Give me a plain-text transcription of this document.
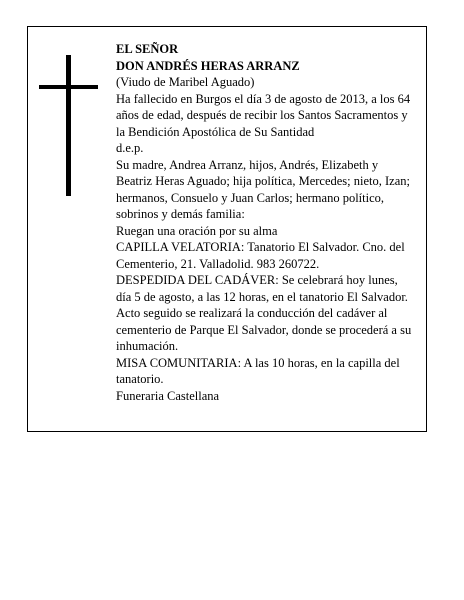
EL SEÑOR

DON ANDRÉS HERAS ARRANZ

(Viudo de Maribel Aguado)

Ha fallecido en Burgos el día 3 de agosto de 2013, a los 64 años de edad, después de recibir los Santos Sacramentos y la Bendición Apostólica de Su Santidad

d.e.p.

Su madre, Andrea Arranz, hijos, Andrés, Elizabeth y Beatriz Heras Aguado; hija política, Mercedes; nieto, Izan; hermanos, Consuelo y Juan Carlos; hermano político, sobrinos y demás familia:

Ruegan una oración por su alma

CAPILLA VELATORIA: Tanatorio El Salvador. Cno. del Cementerio, 21. Valladolid. 983 260722.

DESPEDIDA DEL CADÁVER: Se celebrará hoy lunes, día 5 de agosto, a las 12 horas, en el tanatorio El Salvador. Acto seguido se realizará la conducción del cadáver al cementerio de Parque El Salvador, donde se procederá a su inhumación.

MISA COMUNITARIA: A las 10 horas, en la capilla del tanatorio.

Funeraria Castellana
